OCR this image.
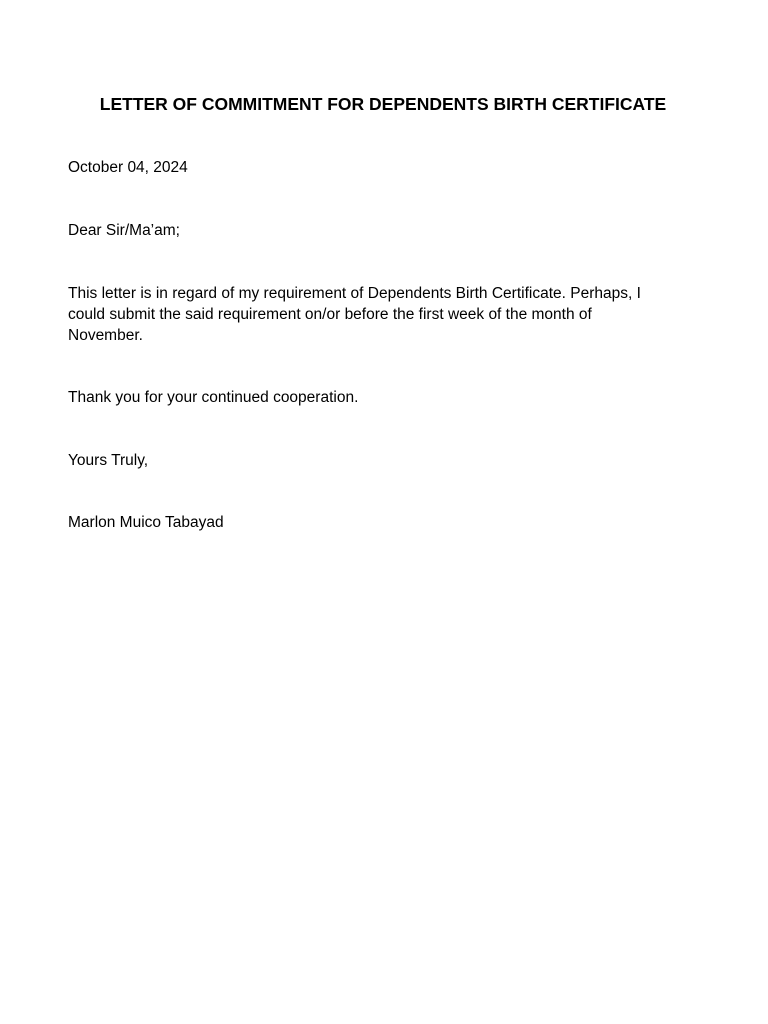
LETTER OF COMMITMENT FOR DEPENDENTS BIRTH CERTIFICATE
October 04, 2024
Dear Sir/Ma’am;
This letter is in regard of my requirement of Dependents Birth Certificate. Perhaps, I
could submit the said requirement on/or before the first week of the month of
November.
Thank you for your continued cooperation.
Yours Truly,
Marlon Muico Tabayad
